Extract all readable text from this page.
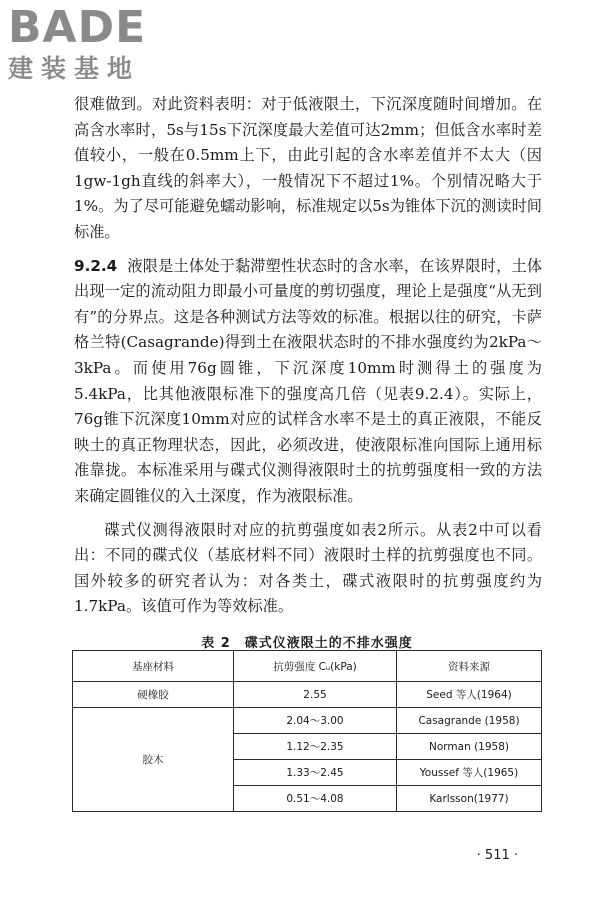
BADE
建装基地

很难做到。对此资料表明：对于低液限土，下沉深度随时间增加。在高含水率时，5s与15s下沉深度最大差值可达2mm；但低含水率时差值较小，一般在0.5mm上下，由此引起的含水率差值并不太大（因1gw-1gh直线的斜率大），一般情况下不超过1%。个别情况略大于1%。为了尽可能避免蠕动影响，标准规定以5s为锥体下沉的测读时间标准。

9.2.4 液限是土体处于黏滞塑性状态时的含水率，在该界限时，土体出现一定的流动阻力即最小可量度的剪切强度，理论上是强度“从无到有”的分界点。这是各种测试方法等效的标准。根据以往的研究，卡萨格兰特(Casagrande)得到土在液限状态时的不排水强度约为2kPa～3kPa。而使用76g圆锥，下沉深度10mm时测得土的强度为5.4kPa，比其他液限标准下的强度高几倍（见表9.2.4）。实际上，76g锥下沉深度10mm对应的试样含水率不是土的真正液限，不能反映土的真正物理状态，因此，必须改进，使液限标准向国际上通用标准靠拢。本标准采用与碟式仪测得液限时土的抗剪强度相一致的方法来确定圆锥仪的入土深度，作为液限标准。

碟式仪测得液限时对应的抗剪强度如表2所示。从表2中可以看出：不同的碟式仪（基底材料不同）液限时土样的抗剪强度也不同。国外较多的研究者认为：对各类土，碟式液限时的抗剪强度约为1.7kPa。该值可作为等效标准。

表 2 碟式仪液限土的不排水强度
基座材料	抗剪强度 Cᵤ(kPa)	资料来源
硬橡胶	2.55	Seed 等人(1964)
胶木	2.04～3.00	Casagrande (1958)
	1.12～2.35	Norman (1958)
	1.33～2.45	Youssef 等人(1965)
	0.51～4.08	Karlsson(1977)
· 511 ·
